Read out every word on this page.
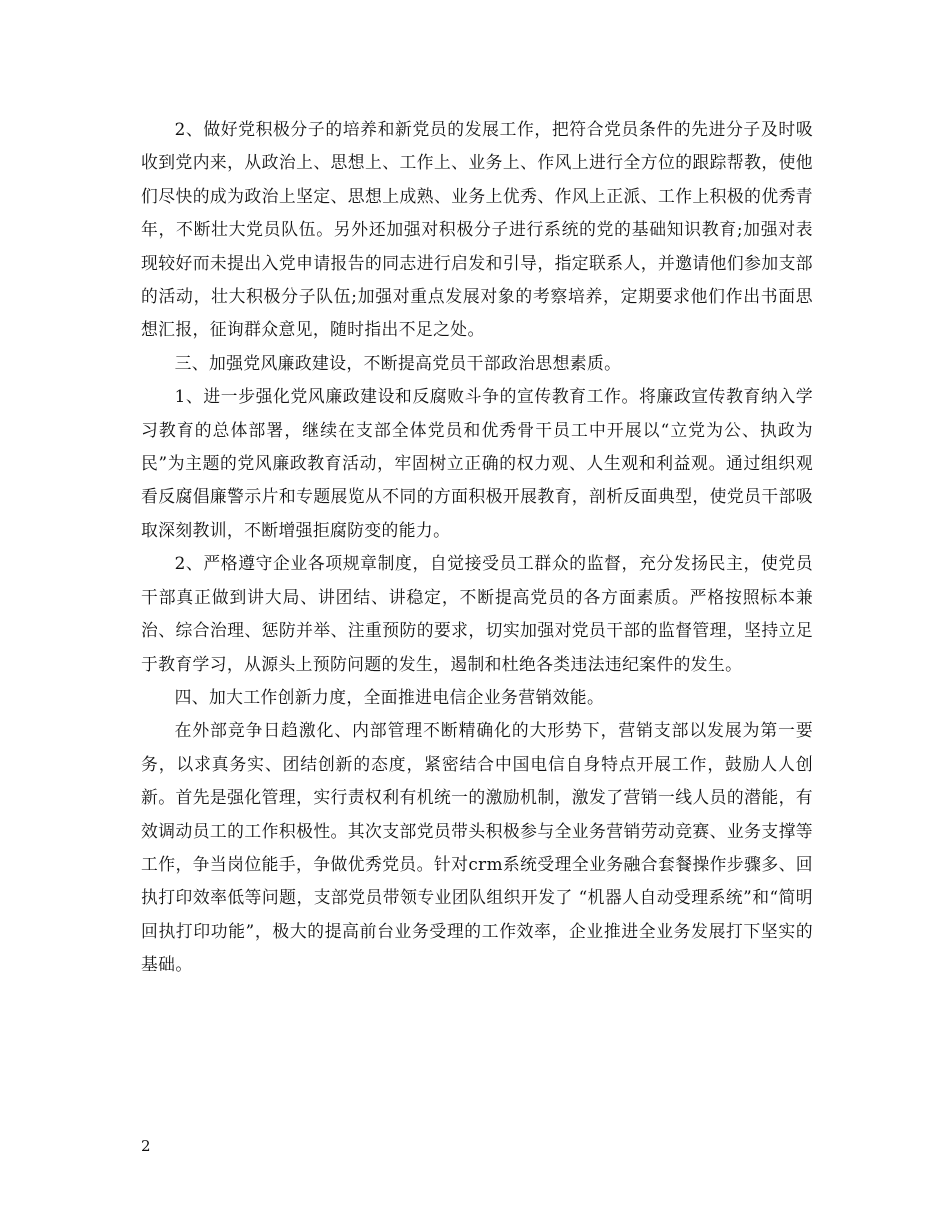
2、做好党积极分子的培养和新党员的发展工作，把符合党员条件的先进分子及时吸收到党内来，从政治上、思想上、工作上、业务上、作风上进行全方位的跟踪帮教，使他们尽快的成为政治上坚定、思想上成熟、业务上优秀、作风上正派、工作上积极的优秀青年，不断壮大党员队伍。另外还加强对积极分子进行系统的党的基础知识教育;加强对表现较好而未提出入党申请报告的同志进行启发和引导，指定联系人，并邀请他们参加支部的活动，壮大积极分子队伍;加强对重点发展对象的考察培养，定期要求他们作出书面思想汇报，征询群众意见，随时指出不足之处。

三、加强党风廉政建设，不断提高党员干部政治思想素质。

1、进一步强化党风廉政建设和反腐败斗争的宣传教育工作。将廉政宣传教育纳入学习教育的总体部署，继续在支部全体党员和优秀骨干员工中开展以“立党为公、执政为民”为主题的党风廉政教育活动，牢固树立正确的权力观、人生观和利益观。通过组织观看反腐倡廉警示片和专题展览从不同的方面积极开展教育，剖析反面典型，使党员干部吸取深刻教训，不断增强拒腐防变的能力。

2、严格遵守企业各项规章制度，自觉接受员工群众的监督，充分发扬民主，使党员干部真正做到讲大局、讲团结、讲稳定，不断提高党员的各方面素质。严格按照标本兼治、综合治理、惩防并举、注重预防的要求，切实加强对党员干部的监督管理，坚持立足于教育学习，从源头上预防问题的发生，遏制和杜绝各类违法违纪案件的发生。

四、加大工作创新力度，全面推进电信企业务营销效能。

在外部竞争日趋激化、内部管理不断精确化的大形势下，营销支部以发展为第一要务，以求真务实、团结创新的态度，紧密结合中国电信自身特点开展工作，鼓励人人创新。首先是强化管理，实行责权利有机统一的激励机制，激发了营销一线人员的潜能，有效调动员工的工作积极性。其次支部党员带头积极参与全业务营销劳动竞赛、业务支撑等工作，争当岗位能手，争做优秀党员。针对crm系统受理全业务融合套餐操作步骤多、回执打印效率低等问题，支部党员带领专业团队组织开发了 “机器人自动受理系统”和“简明回执打印功能”，极大的提高前台业务受理的工作效率，企业推进全业务发展打下坚实的基础。

2
